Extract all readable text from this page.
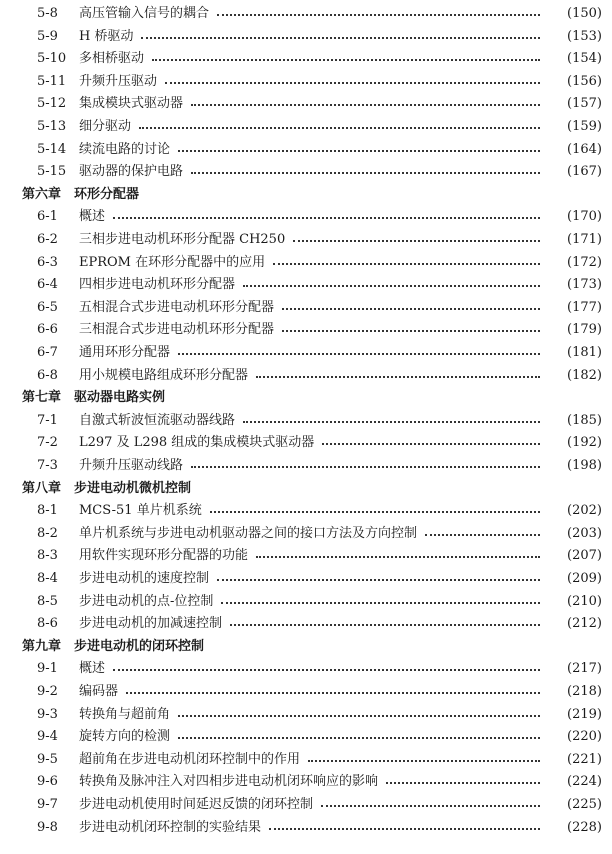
5-8 高压管输入信号的耦合	(150)
5-9 H 桥驱动	(153)
5-10 多相桥驱动	(154)
5-11 升频升压驱动	(156)
5-12 集成模块式驱动器	(157)
5-13 细分驱动	(159)
5-14 续流电路的讨论	(164)
5-15 驱动器的保护电路	(167)
第六章　环形分配器
6-1 概述	(170)
6-2 三相步进电动机环形分配器 CH250	(171)
6-3 EPROM 在环形分配器中的应用	(172)
6-4 四相步进电动机环形分配器	(173)
6-5 五相混合式步进电动机环形分配器	(177)
6-6 三相混合式步进电动机环形分配器	(179)
6-7 通用环形分配器	(181)
6-8 用小规模电路组成环形分配器	(182)
第七章　驱动器电路实例
7-1 自激式斩波恒流驱动器线路	(185)
7-2 L297 及 L298 组成的集成模块式驱动器	(192)
7-3 升频升压驱动线路	(198)
第八章　步进电动机微机控制
8-1 MCS-51 单片机系统	(202)
8-2 单片机系统与步进电动机驱动器之间的接口方法及方向控制	(203)
8-3 用软件实现环形分配器的功能	(207)
8-4 步进电动机的速度控制	(209)
8-5 步进电动机的点-位控制	(210)
8-6 步进电动机的加减速控制	(212)
第九章　步进电动机的闭环控制
9-1 概述	(217)
9-2 编码器	(218)
9-3 转换角与超前角	(219)
9-4 旋转方向的检测	(220)
9-5 超前角在步进电动机闭环控制中的作用	(221)
9-6 转换角及脉冲注入对四相步进电动机闭环响应的影响	(224)
9-7 步进电动机使用时间延迟反馈的闭环控制	(225)
9-8 步进电动机闭环控制的实验结果	(228)
